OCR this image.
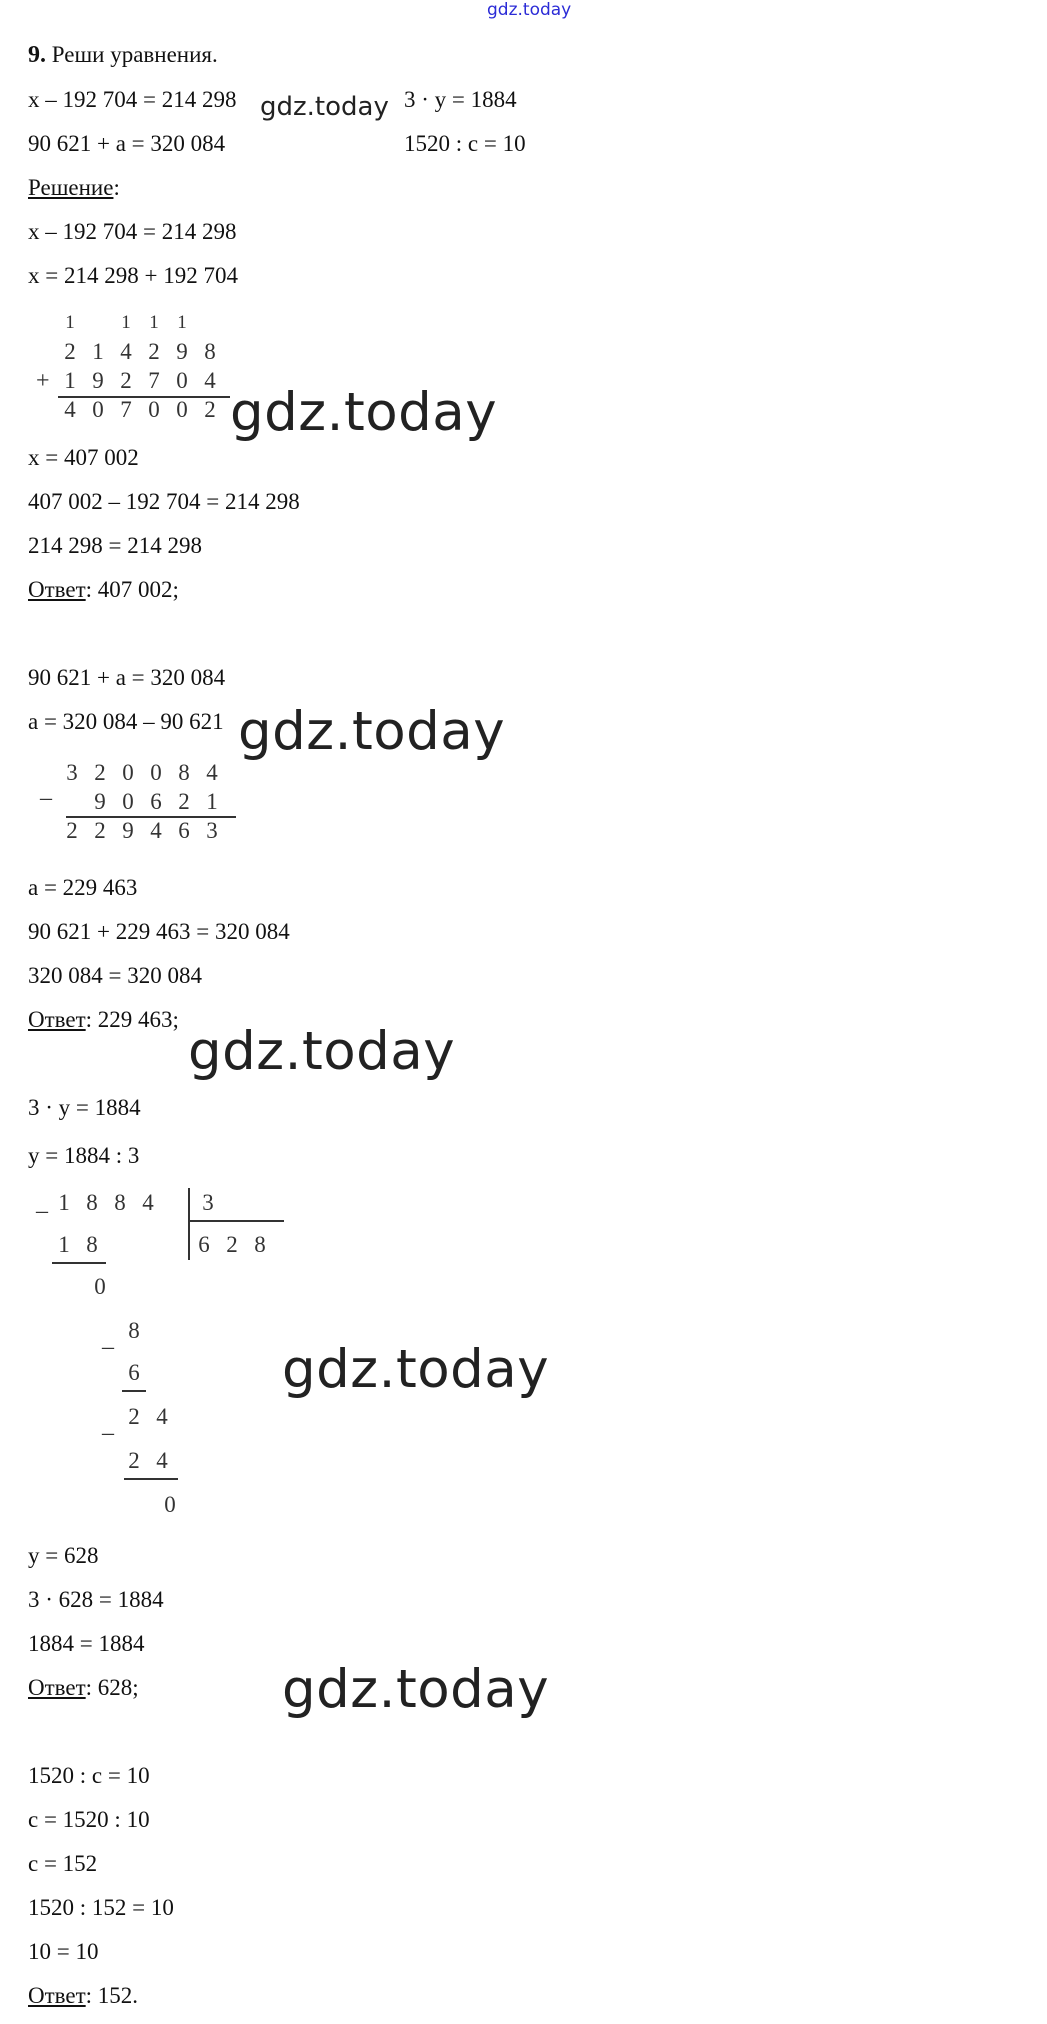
gdz.today
9. Реши уравнения.
x – 192 704 = 214 298 gdz.today 3 · y = 1884
90 621 + a = 320 084	1520 : c = 10
Решение:
x – 192 704 = 214 298
x = 214 298 + 192 704
1	1 1 1
2 1 4 2 9 8
1 9 2 7 0 4
4 0 7 0 0 2
+
gdz.today
x = 407 002
407 002 – 192 704 = 214 298
214 298 = 214 298
Ответ: 407 002;
90 621 + a = 320 084
a = 320 084 – 90 621 gdz.today
3 2 0 0 8 4
9 0 6 2 1
2 2 9 4 6 3
–
a = 229 463
90 621 + 229 463 = 320 084
320 084 = 320 084
Ответ: 229 463;
gdz.today
3 · y = 1884
y = 1884 : 3
1 8 8 4
–	3
6 2 8
1 8
0
–
8
6
–
2 4
2 4
0
gdz.today
y = 628
3 · 628 = 1884
1884 = 1884
Ответ: 628;	gdz.today
1520 : c = 10
c = 1520 : 10
c = 152
1520 : 152 = 10
10 = 10
Ответ: 152.
